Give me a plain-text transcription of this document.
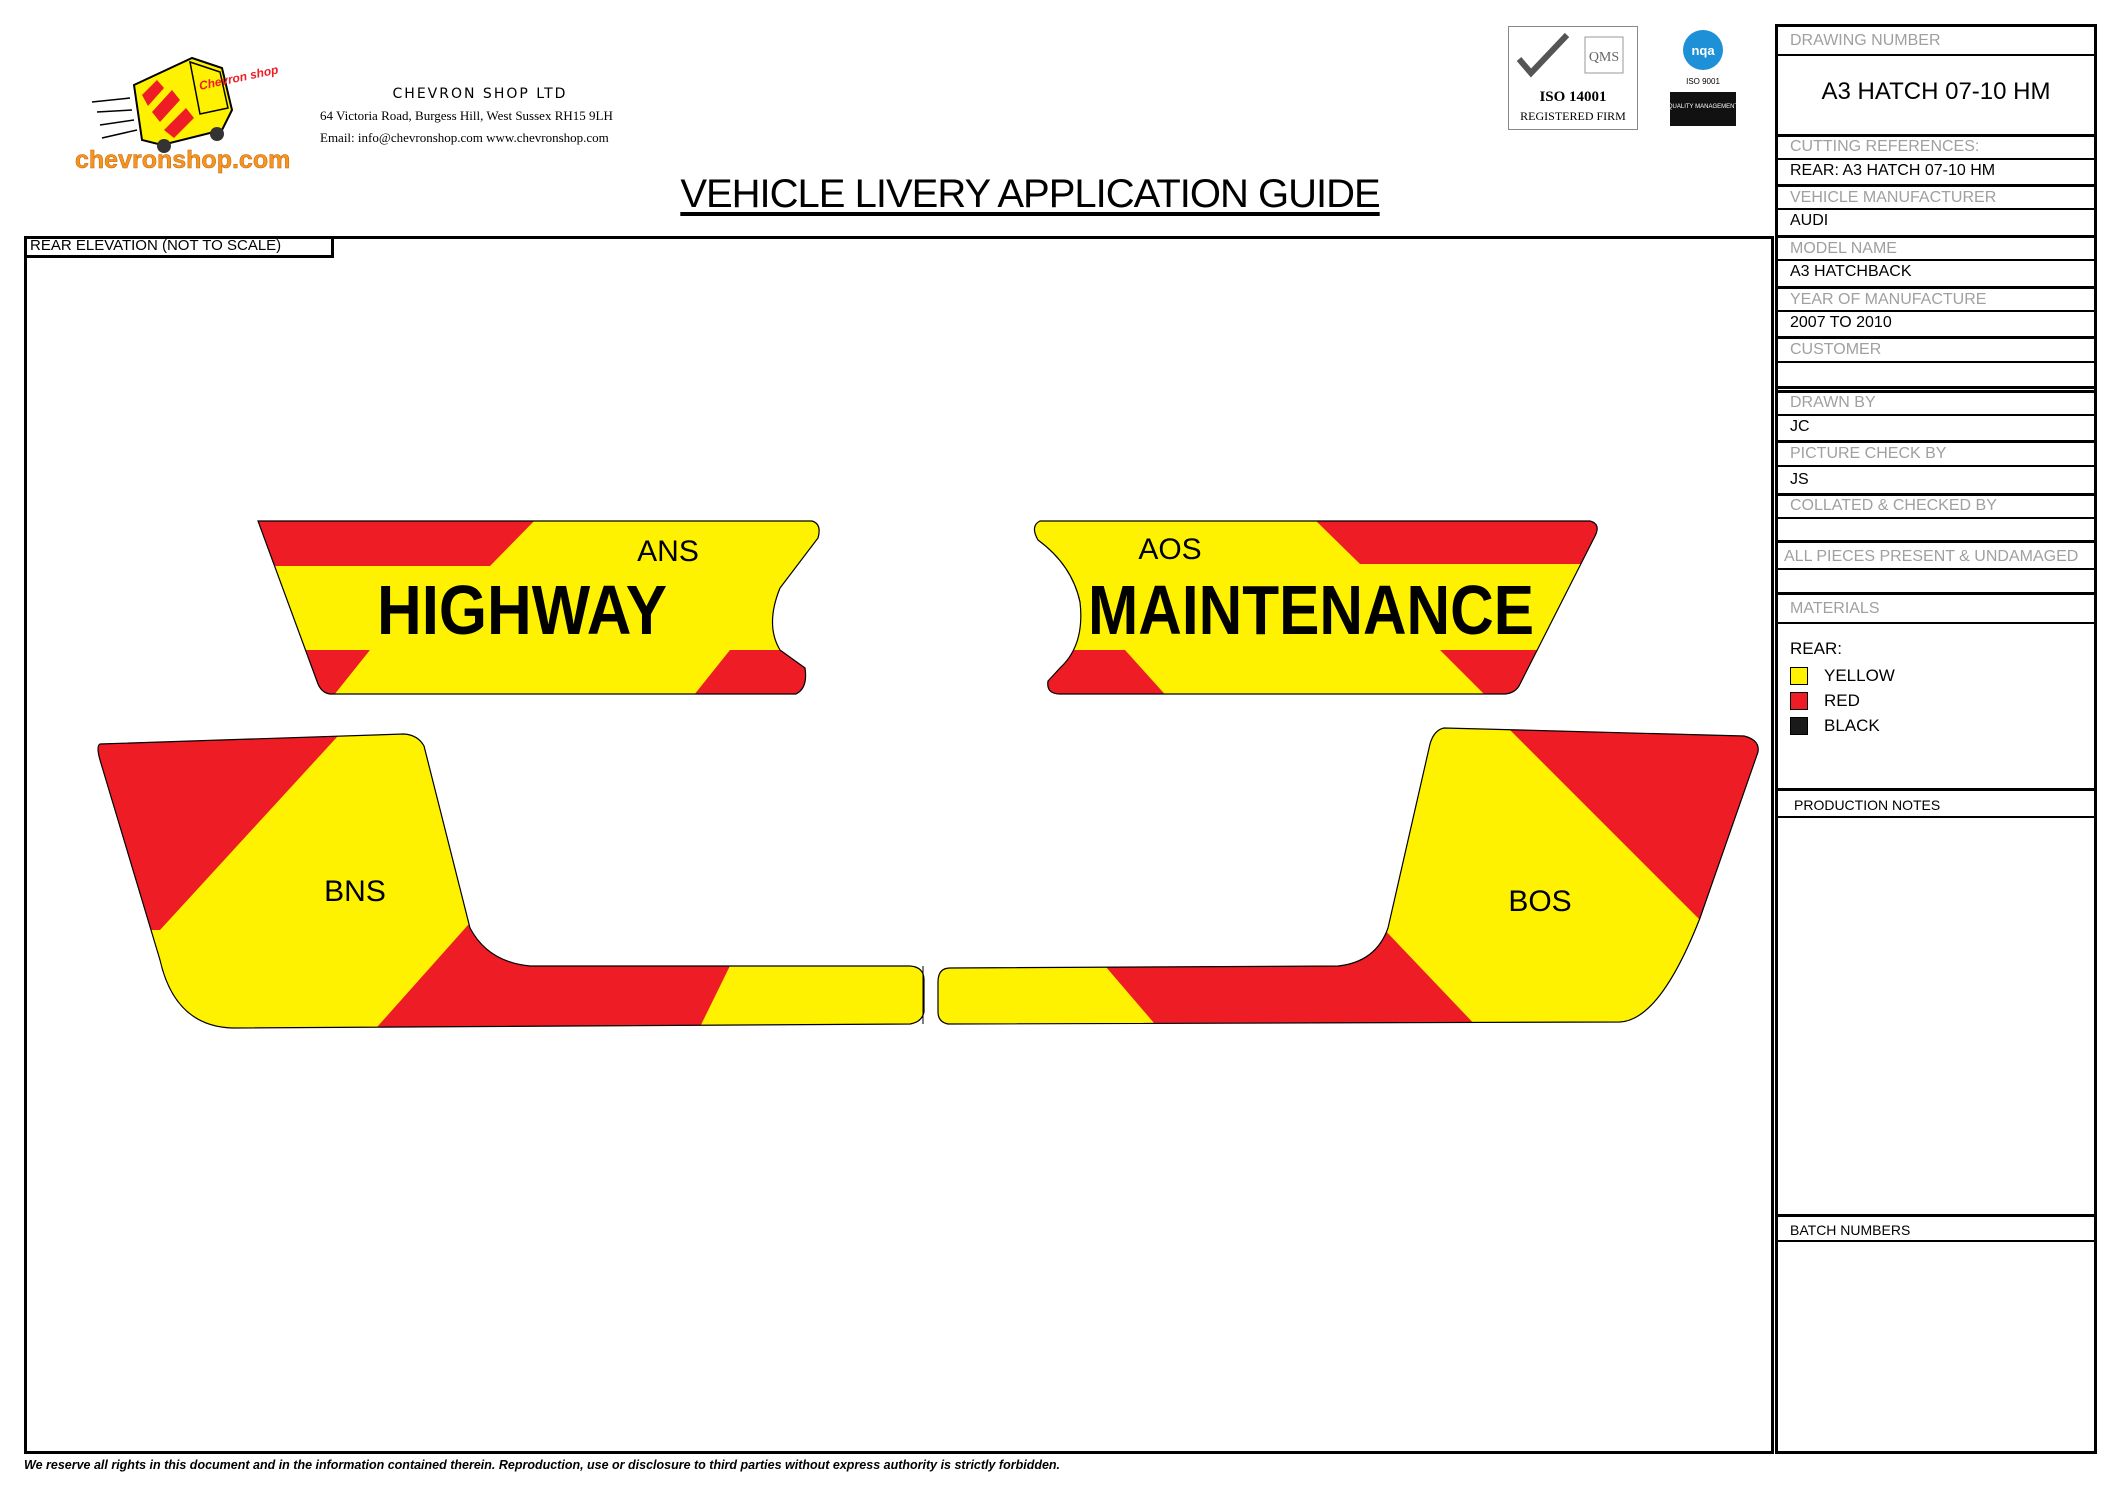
Chevron shop
chevronshop.com
CHEVRON SHOP LTD
64 Victoria Road, Burgess Hill, West Sussex RH15 9LH
Email: info@chevronshop.com www.chevronshop.com
QMS
ISO 14001
REGISTERED FIRM
nqa
ISO 9001
QUALITY MANAGEMENT
VEHICLE LIVERY APPLICATION GUIDE
REAR ELEVATION (NOT TO SCALE)
ANS
HIGHWAY
AOS
MAINTENANCE
BNS	BOS
DRAWING NUMBER
A3 HATCH 07-10 HM
CUTTING REFERENCES:
REAR: A3 HATCH 07-10 HM
VEHICLE MANUFACTURER
AUDI
MODEL NAME
A3 HATCHBACK
YEAR OF MANUFACTURE
2007 TO 2010
CUSTOMER
DRAWN BY
JC
PICTURE CHECK BY
JS
COLLATED & CHECKED BY
ALL PIECES PRESENT & UNDAMAGED
MATERIALS
REAR:
YELLOW
RED
BLACK
PRODUCTION NOTES
BATCH NUMBERS
We reserve all rights in this document and in the information contained therein. Reproduction, use or disclosure to third parties without express authority is strictly forbidden.
